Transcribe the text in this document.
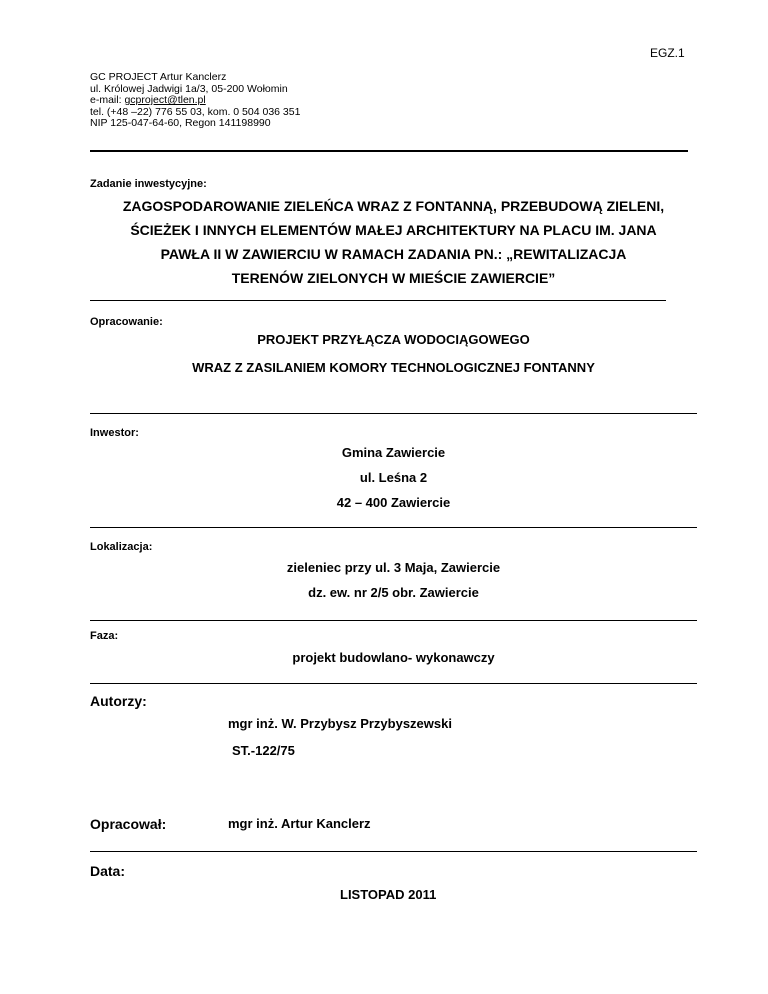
EGZ.1
GC PROJECT Artur Kanclerz
ul. Królowej Jadwigi 1a/3, 05-200 Wołomin
e-mail: gcproject@tlen.pl
tel. (+48 –22) 776 55 03, kom. 0 504 036 351
NIP 125-047-64-60, Regon 141198990
Zadanie inwestycyjne:
ZAGOSPODAROWANIE ZIELEŃCA WRAZ Z FONTANNĄ, PRZEBUDOWĄ ZIELENI,
ŚCIEŻEK I INNYCH ELEMENTÓW MAŁEJ ARCHITEKTURY NA PLACU IM. JANA
PAWŁA II W ZAWIERCIU W RAMACH ZADANIA PN.: „REWITALIZACJA
TERENÓW ZIELONYCH W MIEŚCIE ZAWIERCIE”
Opracowanie:
PROJEKT PRZYŁĄCZA WODOCIĄGOWEGO
WRAZ Z ZASILANIEM KOMORY TECHNOLOGICZNEJ FONTANNY
Inwestor:
Gmina Zawiercie
ul. Leśna 2
42 – 400 Zawiercie
Lokalizacja:
zieleniec przy ul. 3 Maja, Zawiercie
dz. ew. nr 2/5 obr. Zawiercie
Faza:
projekt budowlano- wykonawczy
Autorzy:
mgr inż. W. Przybysz Przybyszewski
ST.-122/75
Opracował:	mgr inż. Artur Kanclerz
Data:
LISTOPAD 2011
